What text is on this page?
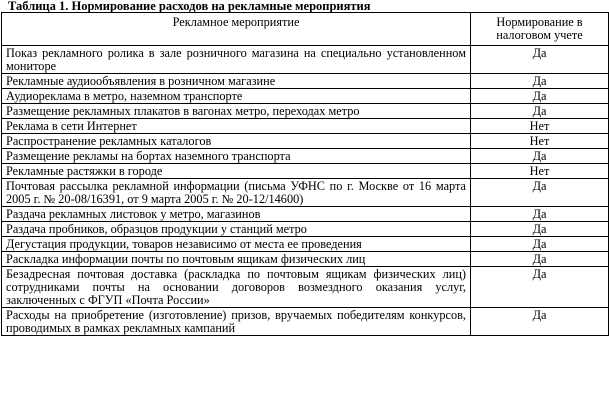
Таблица 1. Нормирование расходов на рекламные мероприятия
Рекламное мероприятие	Нормирование в налоговом учете
Показ рекламного ролика в зале розничного магазина на специально установленном мониторе	Да
Рекламные аудиообъявления в розничном магазине	Да
Аудиореклама в метро, наземном транспорте	Да
Размещение рекламных плакатов в вагонах метро, переходах метро	Да
Реклама в сети Интернет	Нет
Распространение рекламных каталогов	Нет
Размещение рекламы на бортах наземного транспорта	Да
Рекламные растяжки в городе	Нет
Почтовая рассылка рекламной информации (письма УФНС по г. Москве от 16 марта 2005 г. № 20-08/16391, от 9 марта 2005 г. № 20-12/14600)	Да
Раздача рекламных листовок у метро, магазинов	Да
Раздача пробников, образцов продукции у станций метро	Да
Дегустация продукции, товаров независимо от места ее проведения	Да
Раскладка информации почты по почтовым ящикам физических лиц	Да
Безадресная почтовая доставка (раскладка по почтовым ящикам физических лиц) сотрудниками почты на основании договоров возмездного оказания услуг, заключенных с ФГУП «Почта России»	Да
Расходы на приобретение (изготовление) призов, вручаемых победителям конкурсов, проводимых в рамках рекламных кампаний	Да
